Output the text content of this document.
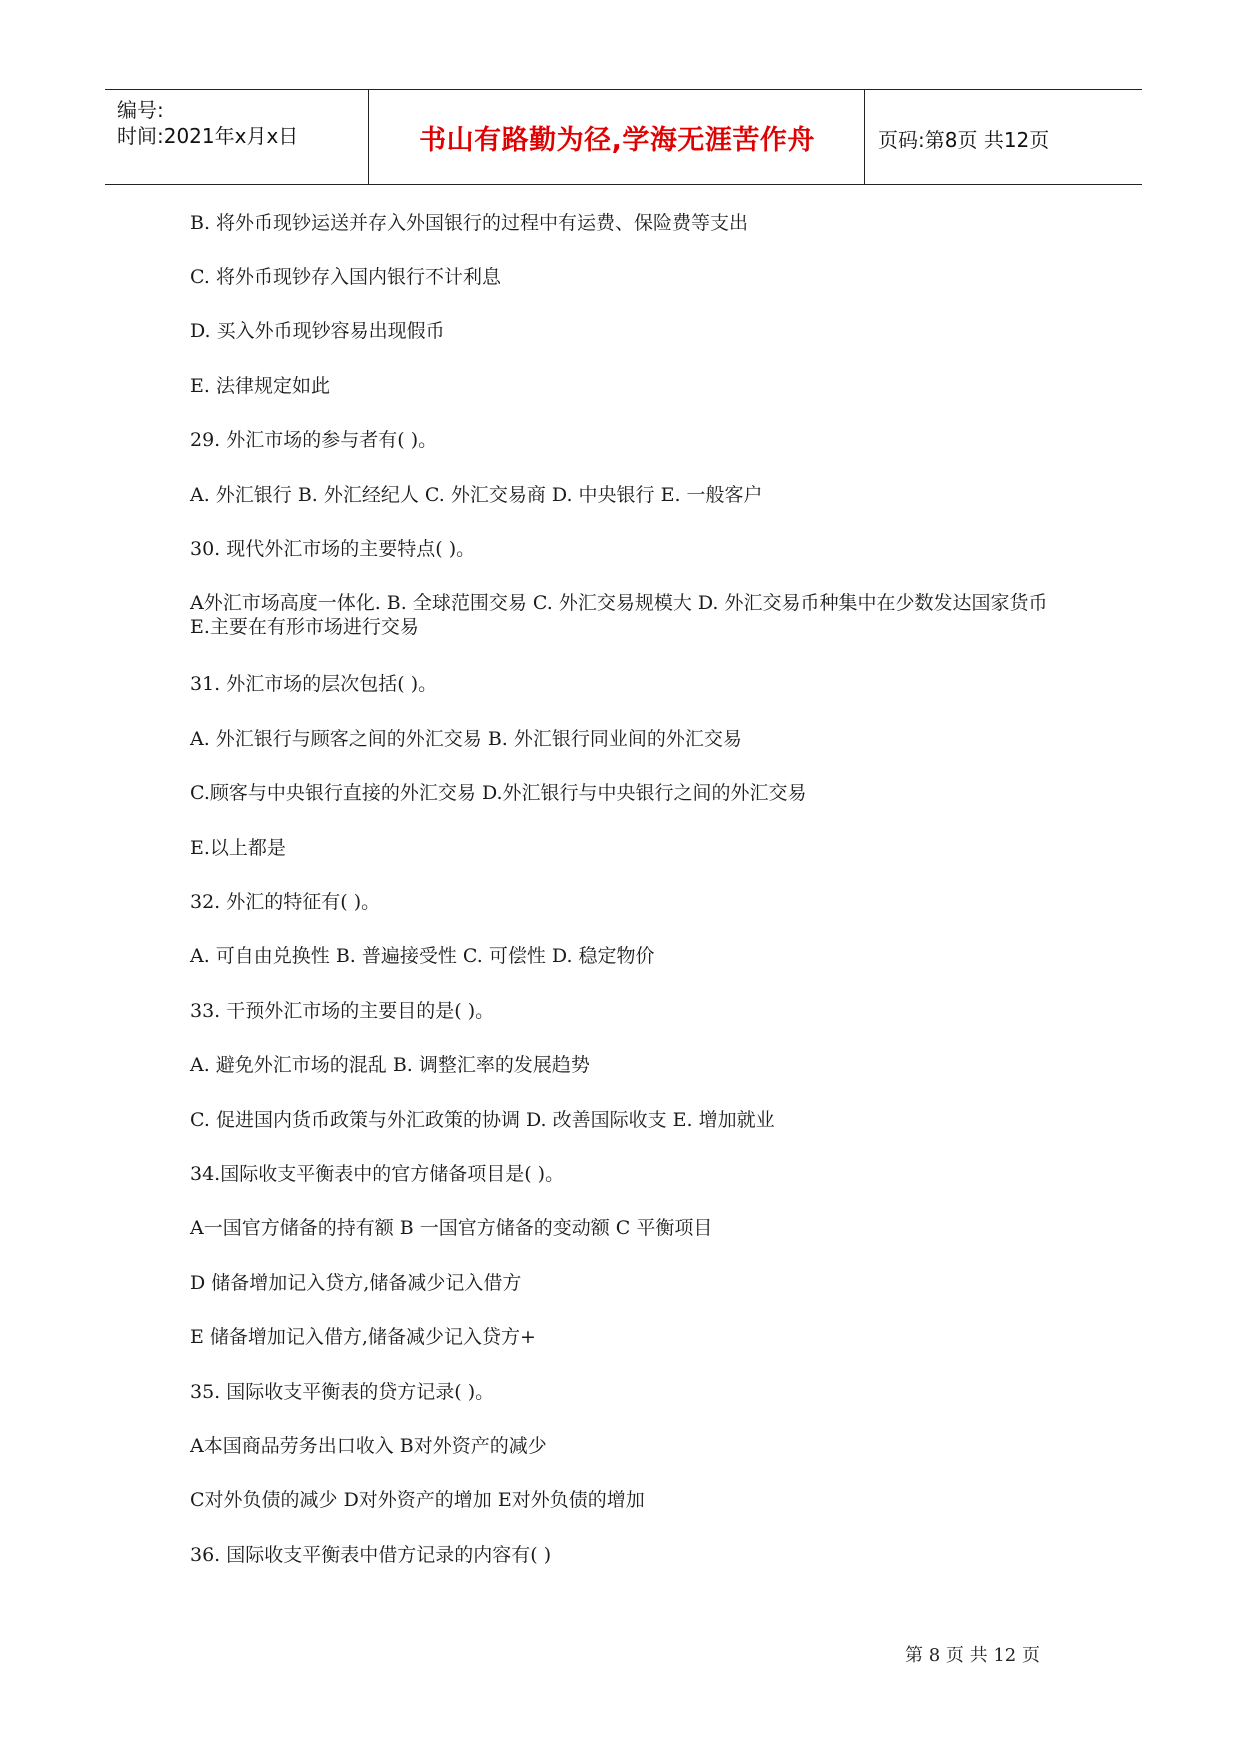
编号:
时间:2021年x月x日	书山有路勤为径,学海无涯苦作舟	页码:第8页 共12页
B. 将外币现钞运送并存入外国银行的过程中有运费、保险费等支出
C. 将外币现钞存入国内银行不计利息
D. 买入外币现钞容易出现假币
E. 法律规定如此
29. 外汇市场的参与者有( )。
A. 外汇银行 B. 外汇经纪人 C. 外汇交易商 D. 中央银行 E. 一般客户
30. 现代外汇市场的主要特点( )。
A外汇市场高度一体化. B. 全球范围交易 C. 外汇交易规模大 D. 外汇交易币种集中在少数发达国家货币 E.主要在有形市场进行交易
31. 外汇市场的层次包括( )。
A. 外汇银行与顾客之间的外汇交易 B. 外汇银行同业间的外汇交易
C.顾客与中央银行直接的外汇交易 D.外汇银行与中央银行之间的外汇交易
E.以上都是
32. 外汇的特征有( )。
A. 可自由兑换性 B. 普遍接受性 C. 可偿性 D. 稳定物价
33. 干预外汇市场的主要目的是( )。
A. 避免外汇市场的混乱 B. 调整汇率的发展趋势
C. 促进国内货币政策与外汇政策的协调 D. 改善国际收支 E. 增加就业
34.国际收支平衡表中的官方储备项目是( )。
A一国官方储备的持有额 B 一国官方储备的变动额 C 平衡项目
D 储备增加记入贷方,储备减少记入借方
E 储备增加记入借方,储备减少记入贷方+
35. 国际收支平衡表的贷方记录( )。
A本国商品劳务出口收入 B对外资产的减少
C对外负债的减少 D对外资产的增加 E对外负债的增加
36. 国际收支平衡表中借方记录的内容有( )
第 8 页 共 12 页
